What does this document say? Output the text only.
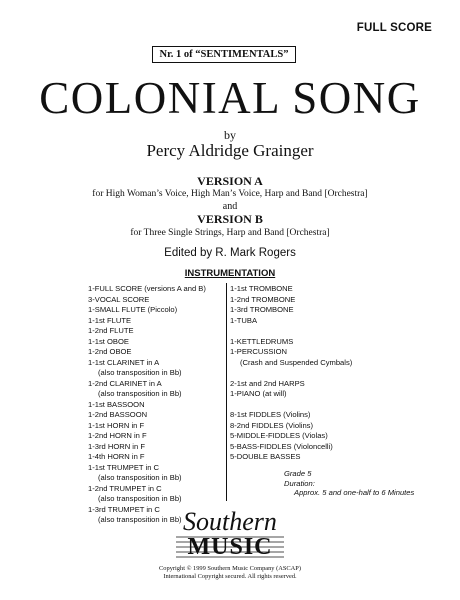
FULL SCORE
Nr. 1 of “SENTIMENTALS”
COLONIAL SONG
by
Percy Aldridge Grainger
VERSION A
for High Woman’s Voice, High Man’s Voice, Harp and Band [Orchestra]
and
VERSION B
for Three Single Strings, Harp and Band [Orchestra]
Edited by R. Mark Rogers
INSTRUMENTATION
1-FULL SCORE (versions A and B)
3-VOCAL SCORE
1-SMALL FLUTE (Piccolo)
1-1st FLUTE
1-2nd FLUTE
1-1st OBOE
1-2nd OBOE
1-1st CLARINET in A
(also transposition in Bb)
1-2nd CLARINET in A
(also transposition in Bb)
1-1st BASSOON
1-2nd BASSOON
1-1st HORN in F
1-2nd HORN in F
1-3rd HORN in F
1-4th HORN in F
1-1st TRUMPET in C
(also transposition in Bb)
1-2nd TRUMPET in C
(also transposition in Bb)
1-3rd TRUMPET in C
(also transposition in Bb)
1-1st TROMBONE
1-2nd TROMBONE
1-3rd TROMBONE
1-TUBA
1-KETTLEDRUMS
1-PERCUSSION
(Crash and Suspended Cymbals)
2-1st and 2nd HARPS
1-PIANO (at will)
8-1st FIDDLES (Violins)
8-2nd FIDDLES (Violins)
5-MIDDLE-FIDDLES (Violas)
5-BASS-FIDDLES (Violoncelli)
5-DOUBLE BASSES
Grade 5
Duration:
Approx. 5 and one-half to 6 Minutes
Southern
MUSIC
Copyright © 1999 Southern Music Company (ASCAP)
International Copyright secured. All rights reserved.
